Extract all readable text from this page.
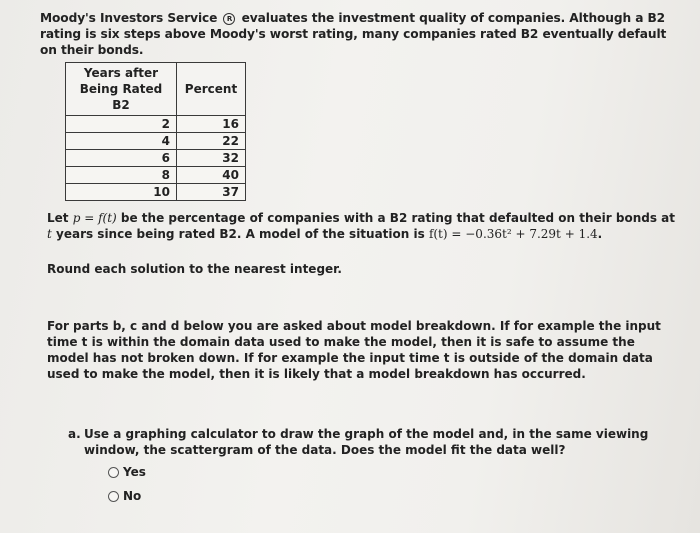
Moody's Investors Service R evaluates the investment quality of companies. Although a B2 rating is six steps above Moody's worst rating, many companies rated B2 eventually default on their bonds.
Years after
Being Rated B2	Percent
2	16
4	22
6	32
8	40
10	37
Let p = f(t) be the percentage of companies with a B2 rating that defaulted on their bonds at t years since being rated B2. A model of the situation is f(t) = −0.36t² + 7.29t + 1.4.
Round each solution to the nearest integer.
For parts b, c and d below you are asked about model breakdown. If for example the input time t is within the domain data used to make the model, then it is safe to assume the model has not broken down. If for example the input time t is outside of the domain data used to make the model, then it is likely that a model breakdown has occurred.
a. Use a graphing calculator to draw the graph of the model and, in the same viewing window, the scattergram of the data. Does the model fit the data well?
Yes
No
